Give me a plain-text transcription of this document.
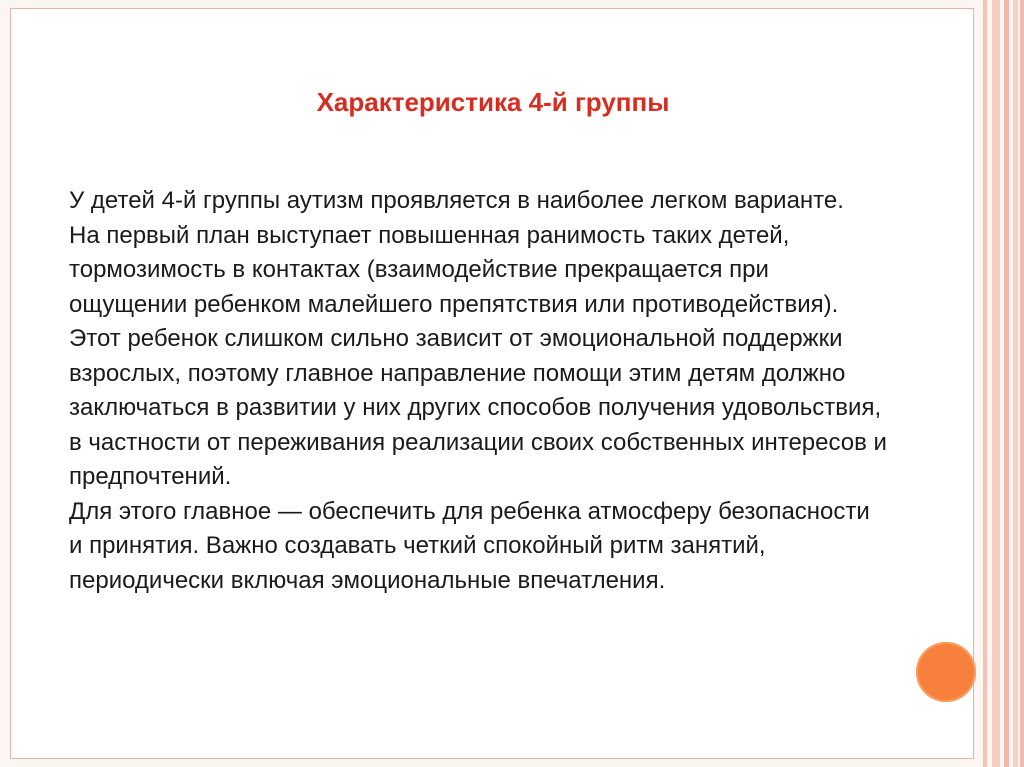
Характеристика 4-й группы

У детей 4-й группы аутизм проявляется в наиболее легком варианте.

На первый план выступает повышенная ранимость таких детей, тормозимость в контактах (взаимодействие прекращается при ощущении ребенком малейшего препятствия или противодействия).

Этот ребенок слишком сильно зависит от эмоциональной поддержки взрослых, поэтому главное направление помощи этим детям должно заключаться в развитии у них других способов получения удовольствия, в частности от переживания реализации своих собственных интересов и предпочтений.

Для этого главное — обеспечить для ребенка атмосферу безопасности и принятия. Важно создавать четкий спокойный ритм занятий, периодически включая эмоциональные впечатления.
